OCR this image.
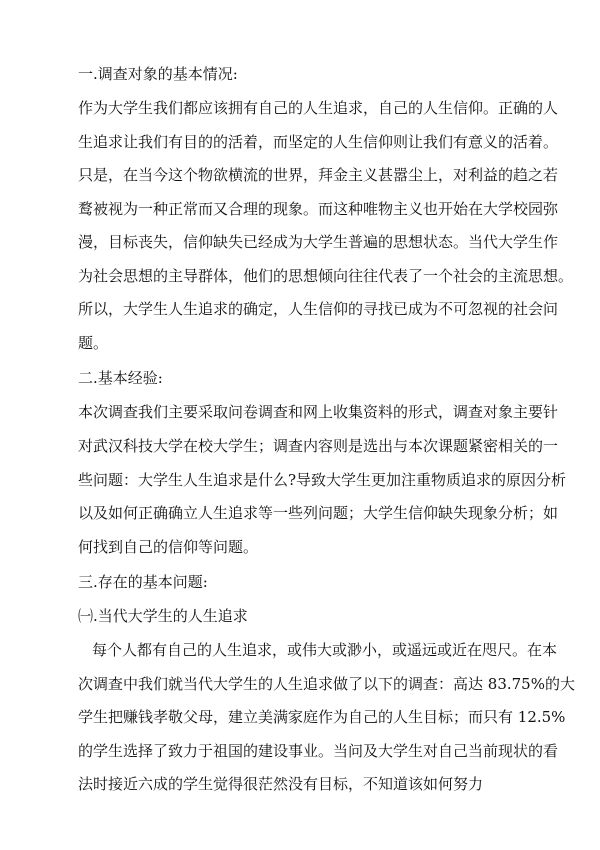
一.调查对象的基本情况:
作为大学生我们都应该拥有自己的人生追求，自己的人生信仰。正确的人
生追求让我们有目的的活着，而坚定的人生信仰则让我们有意义的活着。
只是，在当今这个物欲横流的世界，拜金主义甚嚣尘上，对利益的趋之若
鹜被视为一种正常而又合理的现象。而这种唯物主义也开始在大学校园弥
漫，目标丧失，信仰缺失已经成为大学生普遍的思想状态。当代大学生作
为社会思想的主导群体，他们的思想倾向往往代表了一个社会的主流思想。
所以，大学生人生追求的确定，人生信仰的寻找已成为不可忽视的社会问
题。
二.基本经验:
本次调查我们主要采取问卷调查和网上收集资料的形式，调查对象主要针
对武汉科技大学在校大学生；调查内容则是选出与本次课题紧密相关的一
些问题：大学生人生追求是什么?导致大学生更加注重物质追求的原因分析
以及如何正确确立人生追求等一些列问题；大学生信仰缺失现象分析；如
何找到自己的信仰等问题。
三.存在的基本问题:
㈠.当代大学生的人生追求
每个人都有自己的人生追求，或伟大或渺小，或遥远或近在咫尺。在本
次调查中我们就当代大学生的人生追求做了以下的调查：高达 83.75%的大
学生把赚钱孝敬父母，建立美满家庭作为自己的人生目标；而只有 12.5%
的学生选择了致力于祖国的建设事业。当问及大学生对自己当前现状的看
法时接近六成的学生觉得很茫然没有目标，不知道该如何努力
